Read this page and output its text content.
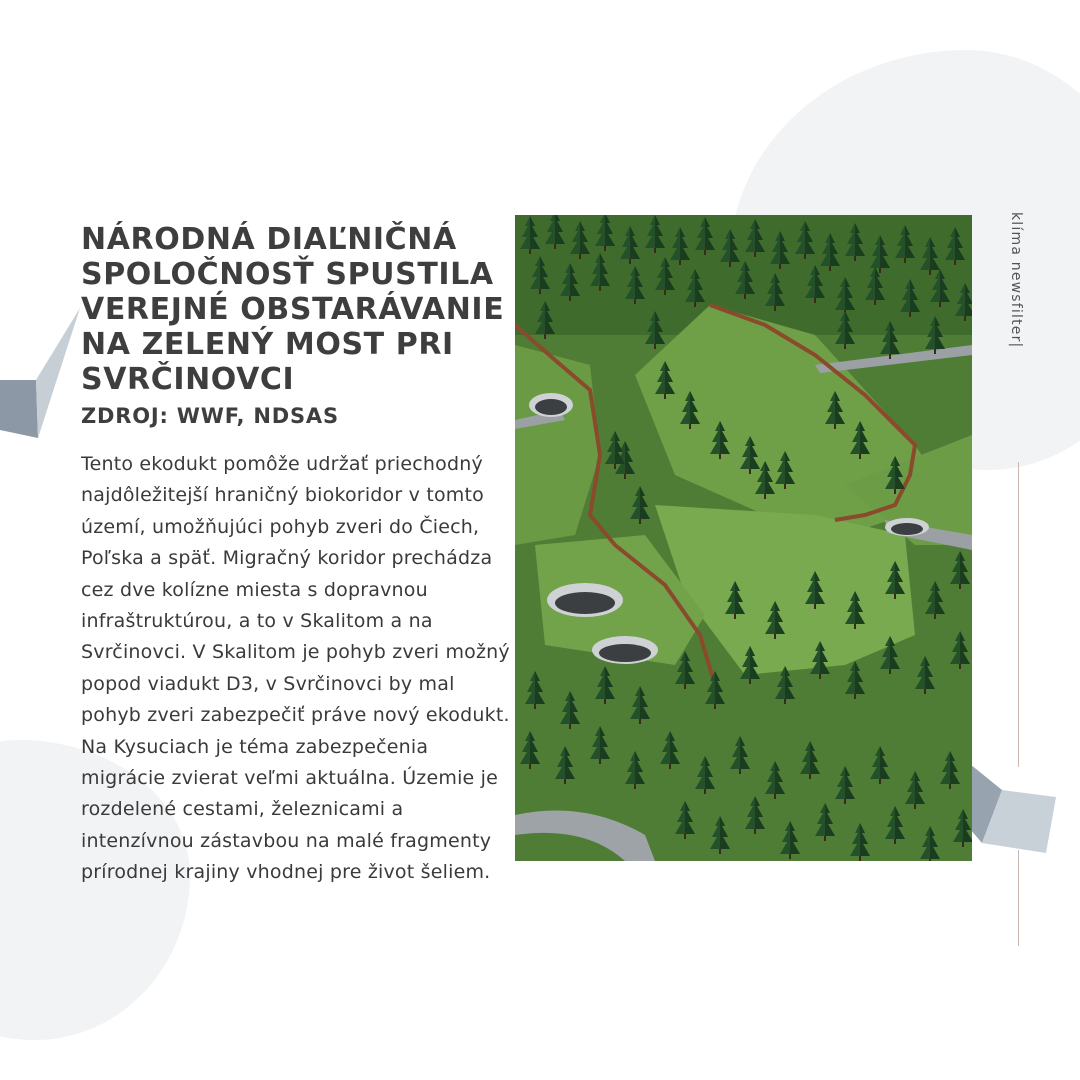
NÁRODNÁ DIAĽNIČNÁ SPOLOČNOSŤ SPUSTILA VEREJNÉ OBSTARÁVANIE NA ZELENÝ MOST PRI SVRČINOVCI
ZDROJ: WWF, NDSAS

Tento ekodukt pomôže udržať priechodný najdôležitejší hraničný biokoridor v tomto území, umožňujúci pohyb zveri do Čiech, Poľska a späť. Migračný koridor prechádza cez dve kolízne miesta s dopravnou infraštruktúrou, a to v Skalitom a na Svrčinovci. V Skalitom je pohyb zveri možný popod viadukt D3, v Svrčinovci by mal pohyb zveri zabezpečiť práve nový ekodukt. Na Kysuciach je téma zabezpečenia migrácie zvierat veľmi aktuálna. Územie je rozdelené cestami, železnicami a intenzívnou zástavbou na malé fragmenty prírodnej krajiny vhodnej pre život šeliem.

klíma newsfilter|
